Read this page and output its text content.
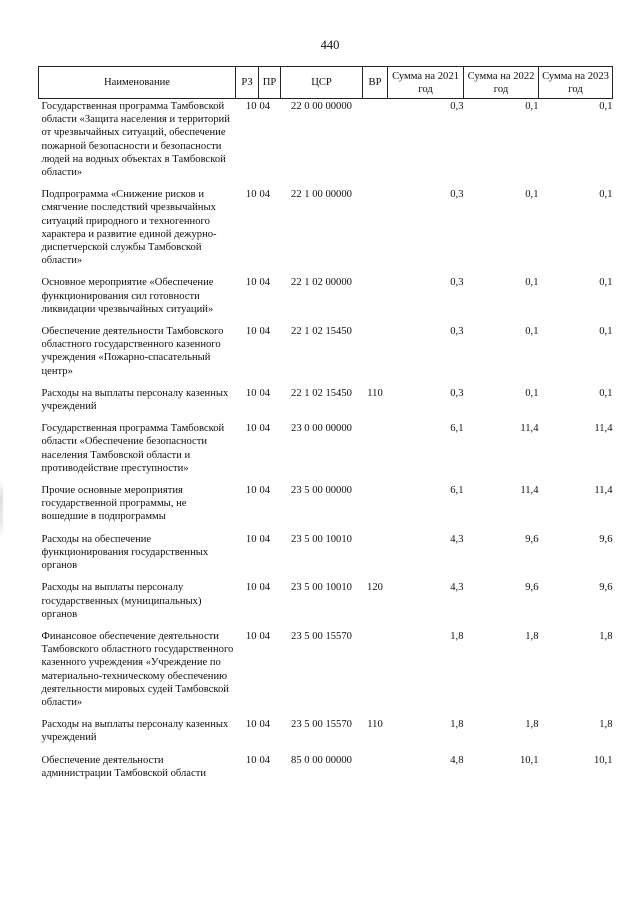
440
Наименование	РЗ	ПР	ЦСР	ВР	Сумма на 2021 год	Сумма на 2022 год	Сумма на 2023 год
Государственная программа Тамбовской области «Защита населения и территорий от чрезвычайных ситуаций, обеспечение пожарной безопасности и безопасности людей на водных объектах в Тамбовской области»	10	04	22 0 00 00000		0,3	0,1	0,1
Подпрограмма «Снижение рисков и смягчение последствий чрезвычайных ситуаций природного и техногенного характера и развитие единой дежурно-диспетчерской службы Тамбовской области»	10	04	22 1 00 00000		0,3	0,1	0,1
Основное мероприятие «Обеспечение функционирования сил готовности ликвидации чрезвычайных ситуаций»	10	04	22 1 02 00000		0,3	0,1	0,1
Обеспечение деятельности Тамбовского областного государственного казенного учреждения «Пожарно-спасательный центр»	10	04	22 1 02 15450		0,3	0,1	0,1
Расходы на выплаты персоналу казенных учреждений	10	04	22 1 02 15450	110	0,3	0,1	0,1
Государственная программа Тамбовской области «Обеспечение безопасности населения Тамбовской области и противодействие преступности»	10	04	23 0 00 00000		6,1	11,4	11,4
Прочие основные мероприятия государственной программы, не вошедшие в подпрограммы	10	04	23 5 00 00000		6,1	11,4	11,4
Расходы на обеспечение функционирования государственных органов	10	04	23 5 00 10010		4,3	9,6	9,6
Расходы на выплаты персоналу государственных (муниципальных) органов	10	04	23 5 00 10010	120	4,3	9,6	9,6
Финансовое обеспечение деятельности Тамбовского областного государственного казенного учреждения «Учреждение по материально-техническому обеспечению деятельности мировых судей Тамбовской области»	10	04	23 5 00 15570		1,8	1,8	1,8
Расходы на выплаты персоналу казенных учреждений	10	04	23 5 00 15570	110	1,8	1,8	1,8
Обеспечение деятельности администрации Тамбовской области	10	04	85 0 00 00000		4,8	10,1	10,1
